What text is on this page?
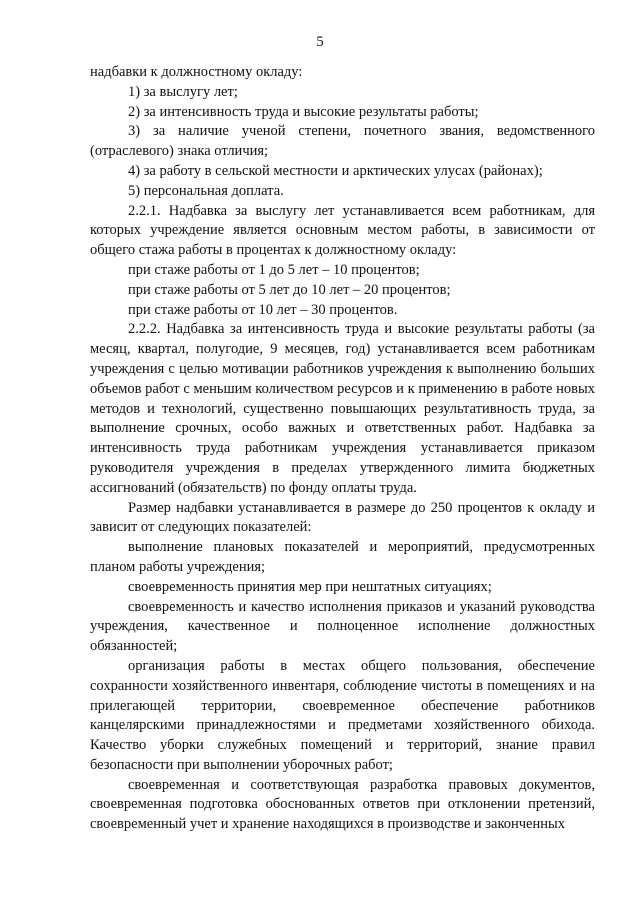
5

надбавки к должностному окладу:

1) за выслугу лет;

2) за интенсивность труда и высокие результаты работы;

3) за наличие ученой степени, почетного звания, ведомственного (отраслевого) знака отличия;

4) за работу в сельской местности и арктических улусах (районах);

5) персональная доплата.

2.2.1. Надбавка за выслугу лет устанавливается всем работникам, для которых учреждение является основным местом работы, в зависимости от общего стажа работы в процентах к должностному окладу:

при стаже работы от 1 до 5 лет – 10 процентов;

при стаже работы от 5 лет до 10 лет – 20 процентов;

при стаже работы от 10 лет – 30 процентов.

2.2.2. Надбавка за интенсивность труда и высокие результаты работы (за месяц, квартал, полугодие, 9 месяцев, год) устанавливается всем работникам учреждения с целью мотивации работников учреждения к выполнению больших объемов работ с меньшим количеством ресурсов и к применению в работе новых методов и технологий, существенно повышающих результативность труда, за выполнение срочных, особо важных и ответственных работ. Надбавка за интенсивность труда работникам учреждения устанавливается приказом руководителя учреждения в пределах утвержденного лимита бюджетных ассигнований (обязательств) по фонду оплаты труда.

Размер надбавки устанавливается в размере до 250 процентов к окладу и зависит от следующих показателей:

выполнение плановых показателей и мероприятий, предусмотренных планом работы учреждения;

своевременность принятия мер при нештатных ситуациях;

своевременность и качество исполнения приказов и указаний руководства учреждения, качественное и полноценное исполнение должностных обязанностей;

организация работы в местах общего пользования, обеспечение сохранности хозяйственного инвентаря, соблюдение чистоты в помещениях и на прилегающей территории, своевременное обеспечение работников канцелярскими принадлежностями и предметами хозяйственного обихода. Качество уборки служебных помещений и территорий, знание правил безопасности при выполнении уборочных работ;

своевременная и соответствующая разработка правовых документов, своевременная подготовка обоснованных ответов при отклонении претензий, своевременный учет и хранение находящихся в производстве и законченных
